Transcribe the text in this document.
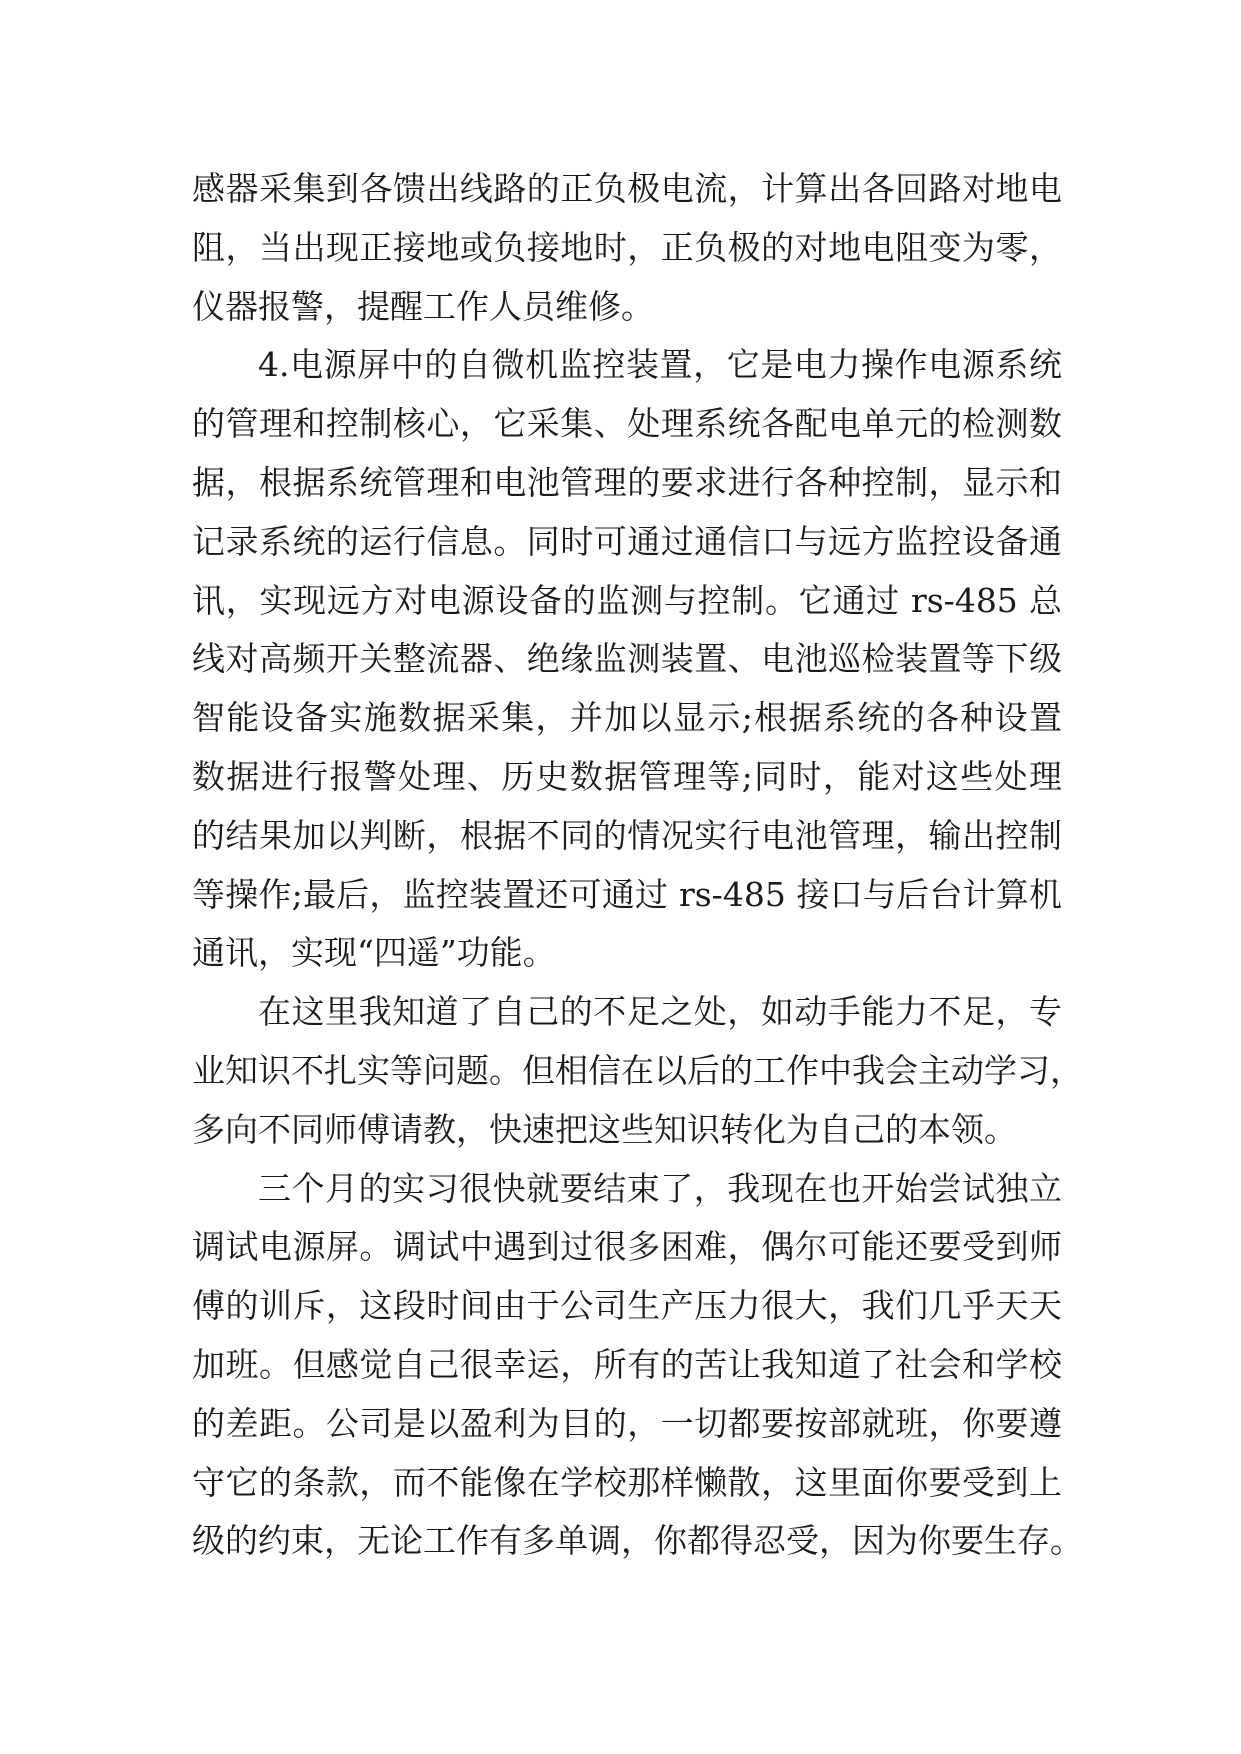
感器采集到各馈出线路的正负极电流，计算出各回路对地电
阻，当出现正接地或负接地时，正负极的对地电阻变为零，
仪器报警，提醒工作人员维修。
4.电源屏中的自微机监控装置，它是电力操作电源系统
的管理和控制核心，它采集、处理系统各配电单元的检测数
据，根据系统管理和电池管理的要求进行各种控制，显示和
记录系统的运行信息。同时可通过通信口与远方监控设备通
讯，实现远方对电源设备的监测与控制。它通过 rs-485 总
线对高频开关整流器、绝缘监测装置、电池巡检装置等下级
智能设备实施数据采集，并加以显示;根据系统的各种设置
数据进行报警处理、历史数据管理等;同时，能对这些处理
的结果加以判断，根据不同的情况实行电池管理，输出控制
等操作;最后，监控装置还可通过 rs-485 接口与后台计算机
通讯，实现“四遥”功能。
在这里我知道了自己的不足之处，如动手能力不足，专
业知识不扎实等问题。但相信在以后的工作中我会主动学习，
多向不同师傅请教，快速把这些知识转化为自己的本领。
三个月的实习很快就要结束了，我现在也开始尝试独立
调试电源屏。调试中遇到过很多困难，偶尔可能还要受到师
傅的训斥，这段时间由于公司生产压力很大，我们几乎天天
加班。但感觉自己很幸运，所有的苦让我知道了社会和学校
的差距。公司是以盈利为目的，一切都要按部就班，你要遵
守它的条款，而不能像在学校那样懒散，这里面你要受到上
级的约束，无论工作有多单调，你都得忍受，因为你要生存。
